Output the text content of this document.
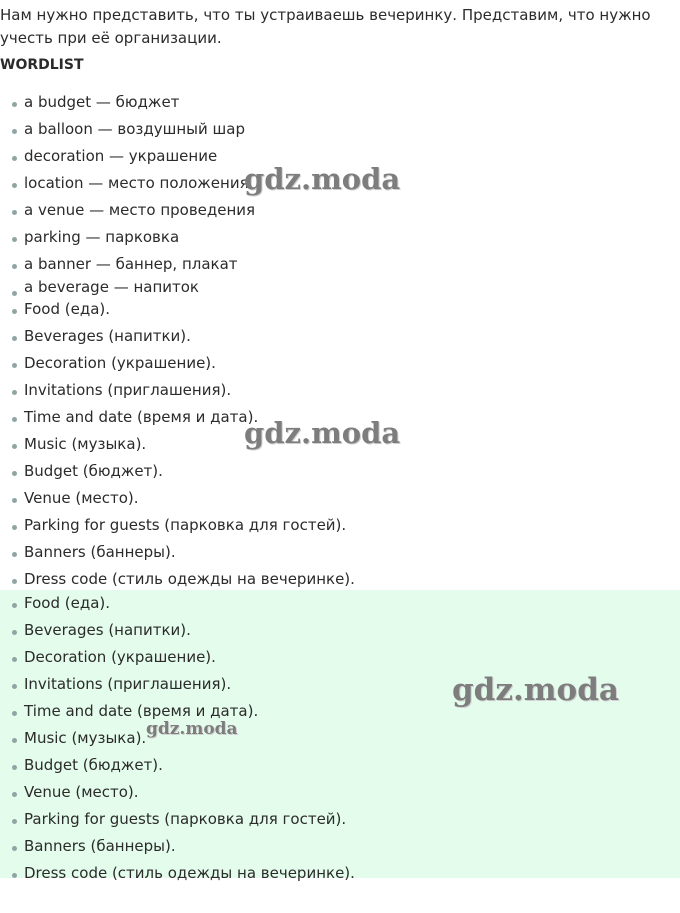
Нам нужно представить, что ты устраиваешь вечеринку. Представим, что нужно учесть при её организации.
WORDLIST
a budget — бюджет
a balloon — воздушный шар
decoration — украшение
location — место положения
a venue — место проведения
parking — парковка
a banner — баннер, плакат
a beverage — напиток
Food (еда).
Beverages (напитки).
Decoration (украшение).
Invitations (приглашения).
Time and date (время и дата).
Music (музыка).
Budget (бюджет).
Venue (место).
Parking for guests (парковка для гостей).
Banners (баннеры).
Dress code (стиль одежды на вечеринке).
Food (еда).
Beverages (напитки).
Decoration (украшение).
Invitations (приглашения).
Time and date (время и дата).
Music (музыка).
Budget (бюджет).
Venue (место).
Parking for guests (парковка для гостей).
Banners (баннеры).
Dress code (стиль одежды на вечеринке).
gdz.moda
gdz.moda
gdz.moda
gdz.moda
